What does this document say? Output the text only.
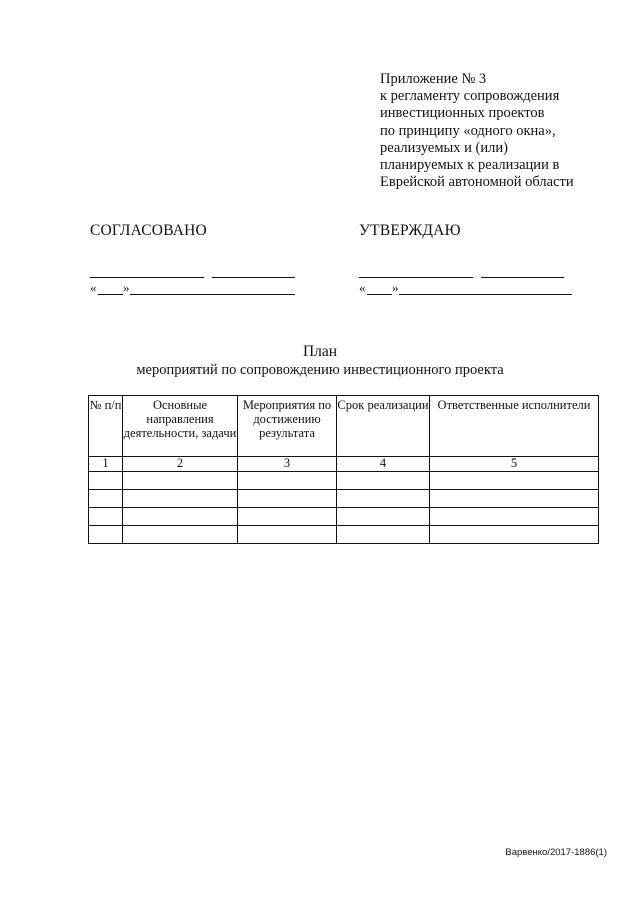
Приложение № 3
к регламенту сопровождения
инвестиционных проектов
по принципу «одного окна»,
реализуемых и (или)
планируемых к реализации в
Еврейской автономной области
СОГЛАСОВАНО
« »
УТВЕРЖДАЮ
« »
План
мероприятий по сопровождению инвестиционного проекта
№ п/п	Основные направления деятельности, задачи	Мероприятия по достижению результата	Срок реализации	Ответственные исполнители
1	2	3	4	5

Варвенко/2017-1886(1)
